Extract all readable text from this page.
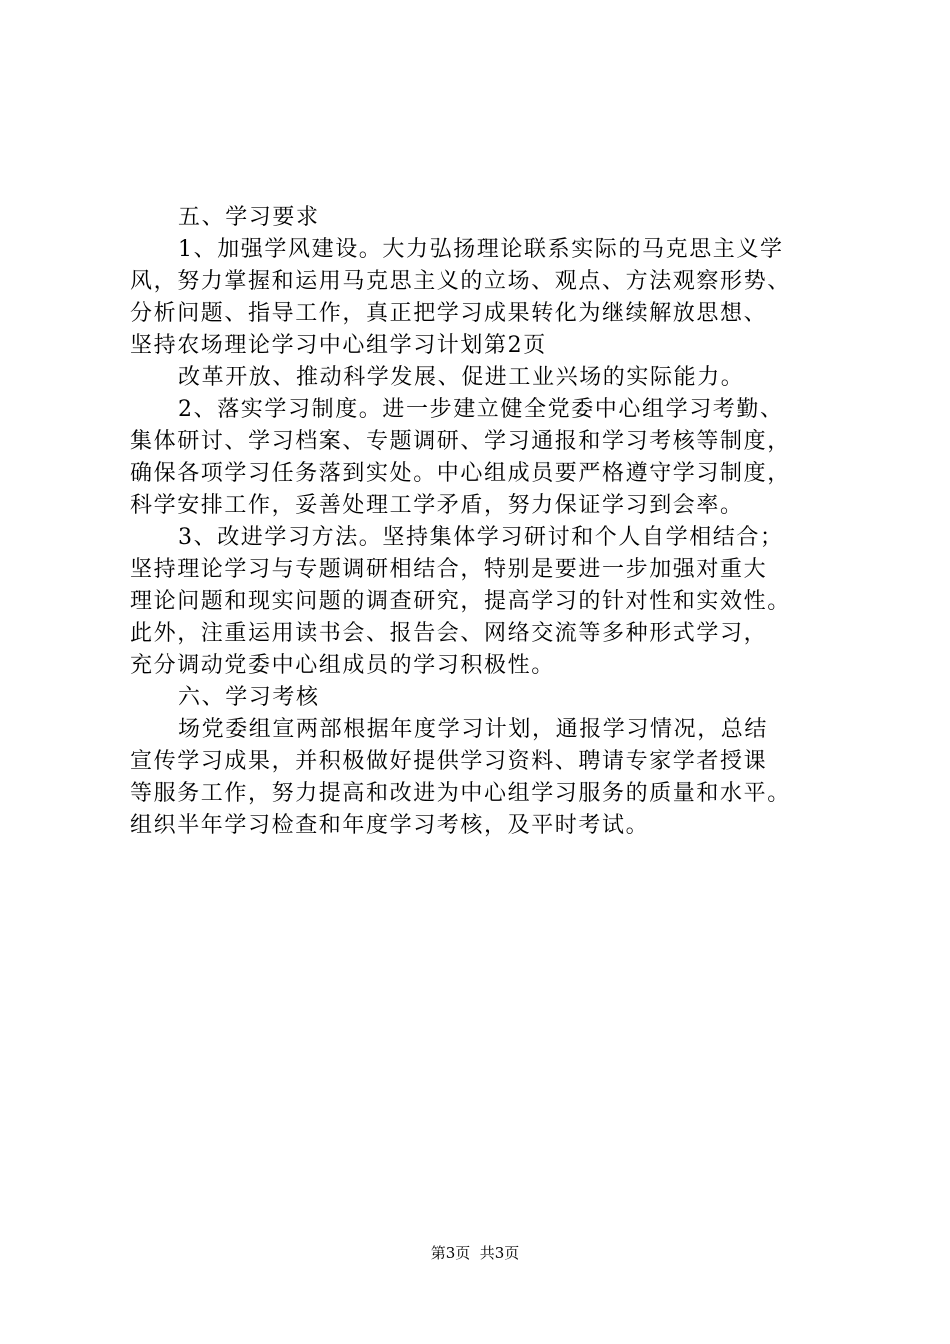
五、学习要求
1、加强学风建设。大力弘扬理论联系实际的马克思主义学
风，努力掌握和运用马克思主义的立场、观点、方法观察形势、
分析问题、指导工作，真正把学习成果转化为继续解放思想、
坚持农场理论学习中心组学习计划第2页
改革开放、推动科学发展、促进工业兴场的实际能力。
2、落实学习制度。进一步建立健全党委中心组学习考勤、
集体研讨、学习档案、专题调研、学习通报和学习考核等制度，
确保各项学习任务落到实处。中心组成员要严格遵守学习制度，
科学安排工作，妥善处理工学矛盾，努力保证学习到会率。
3、改进学习方法。坚持集体学习研讨和个人自学相结合；
坚持理论学习与专题调研相结合，特别是要进一步加强对重大
理论问题和现实问题的调查研究，提高学习的针对性和实效性。
此外，注重运用读书会、报告会、网络交流等多种形式学习，
充分调动党委中心组成员的学习积极性。
六、学习考核
场党委组宣两部根据年度学习计划，通报学习情况，总结
宣传学习成果，并积极做好提供学习资料、聘请专家学者授课
等服务工作，努力提高和改进为中心组学习服务的质量和水平。
组织半年学习检查和年度学习考核，及平时考试。
第3页  共3页
